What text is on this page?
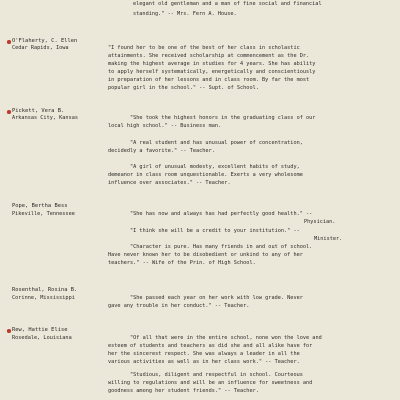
elegant old gentleman and a man of fine social and financial
standing." -- Mrs. Fern A. House.
O'Flaherty, C. Ellen
Cedar Rapids, Iowa	"I found her to be one of the best of her class in scholastic
attainments. She received scholarship at commencement as the Dr.
making the highest average in studies for 4 years. She has ability
to apply herself systematically, energetically and conscientiously
in preparation of her lessons and in class room. By far the most
popular girl in the school." -- Supt. of School.
Pickett, Vera B.
Arkansas City, Kansas	"She took the highest honors in the graduating class of our
local high school." -- Business man.
"A real student and has unusual power of concentration,
decidedly a favorite." -- Teacher.
"A girl of unusual modesty, excellent habits of study,
demeanor in class room unquestionable. Exerts a very wholesome
influence over associates." -- Teacher.
Pope, Bertha Bess
Pikeville, Tennessee	"She has now and always has had perfectly good health." --
Physician.
"I think she will be a credit to your institution." --
Minister.
"Character is pure. Has many friends in and out of school.
Have never known her to be disobedient or unkind to any of her
teachers." -- Wife of the Prin. of High School.
Rosenthal, Rosina B.
Corinne, Mississippi	"She passed each year on her work with low grade. Never
gave any trouble in her conduct." -- Teacher.
Rew, Hattie Elise
Rosedale, Louisiana	"Of all that were in the entire school, none won the love and
esteem of students and teachers as did she and all alike have for
her the sincerest respect. She was always a leader in all the
various activities as well as in her class work." -- Teacher.
"Studious, diligent and respectful in school. Courteous
willing to regulations and will be an influence for sweetness and
goodness among her student friends." -- Teacher.
